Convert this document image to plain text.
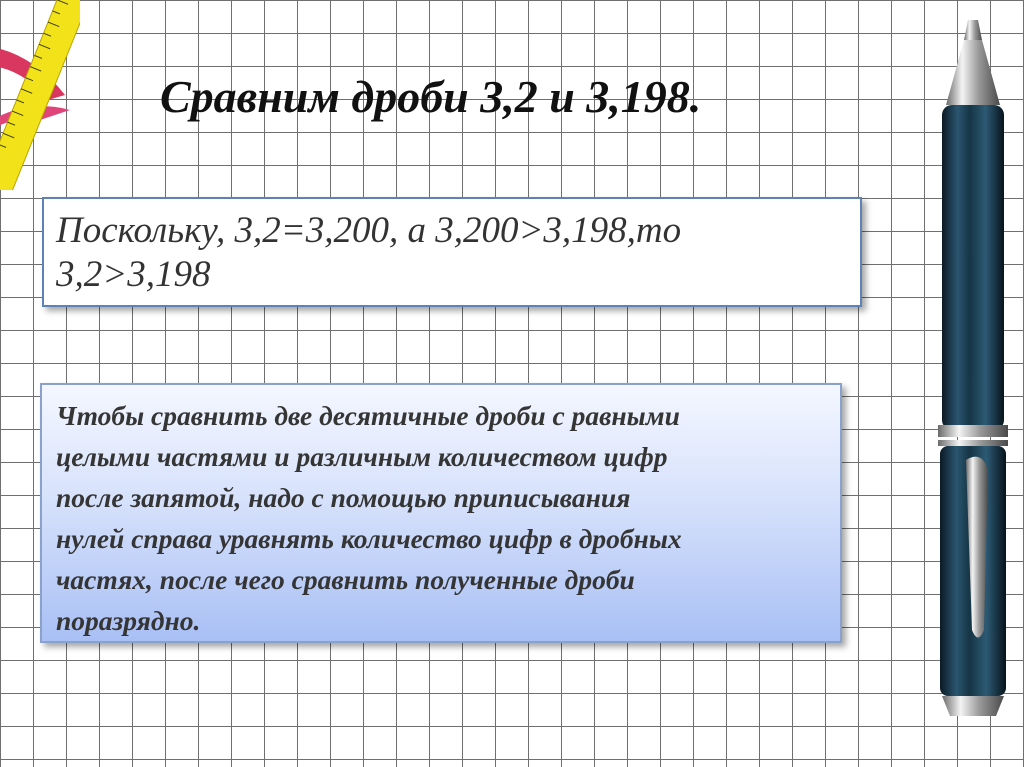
Сравним дроби 3,2 и 3,198.
Поскольку, 3,2=3,200, а 3,200>3,198,то
3,2>3,198
Чтобы сравнить две десятичные дроби с равными
целыми частями и различным количеством цифр
после запятой, надо с помощью приписывания
нулей справа уравнять количество цифр в дробных
частях, после чего сравнить полученные дроби
поразрядно.
